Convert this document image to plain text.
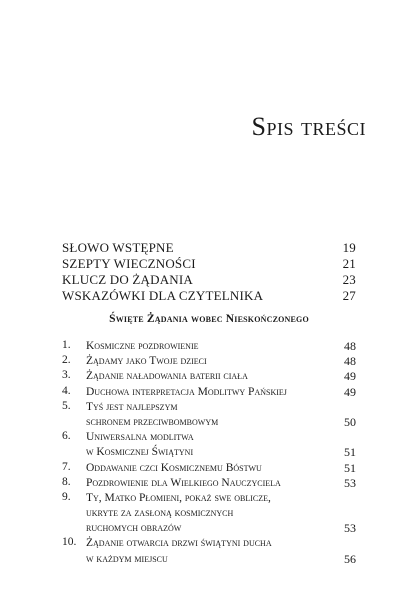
Spis treści
SŁOWO WSTĘPNE	19
SZEPTY WIECZNOŚCI	21
KLUCZ DO ŻĄDANIA	23
WSKAZÓWKI DLA CZYTELNIKA	27
Święte Żądania wobec Nieskończonego
1.	Kosmiczne pozdrowienie	48
2.	Żądamy jako Twoje dzieci	48
3.	Żądanie naładowania baterii ciała	49
4.	Duchowa interpretacja Modlitwy Pańskiej	49
5.	Tyś jest najlepszym
schronem przeciwbombowym	50
6.	Uniwersalna modlitwa
w Kosmicznej Świątyni	51
7.	Oddawanie czci Kosmicznemu Bóstwu	51
8.	Pozdrowienie dla Wielkiego Nauczyciela	53
9.	Ty, Matko Płomieni, pokaż swe oblicze,
ukryte za zasłoną kosmicznych
ruchomych obrazów	53
10. Żądanie otwarcia drzwi świątyni ducha
w każdym miejscu	56
